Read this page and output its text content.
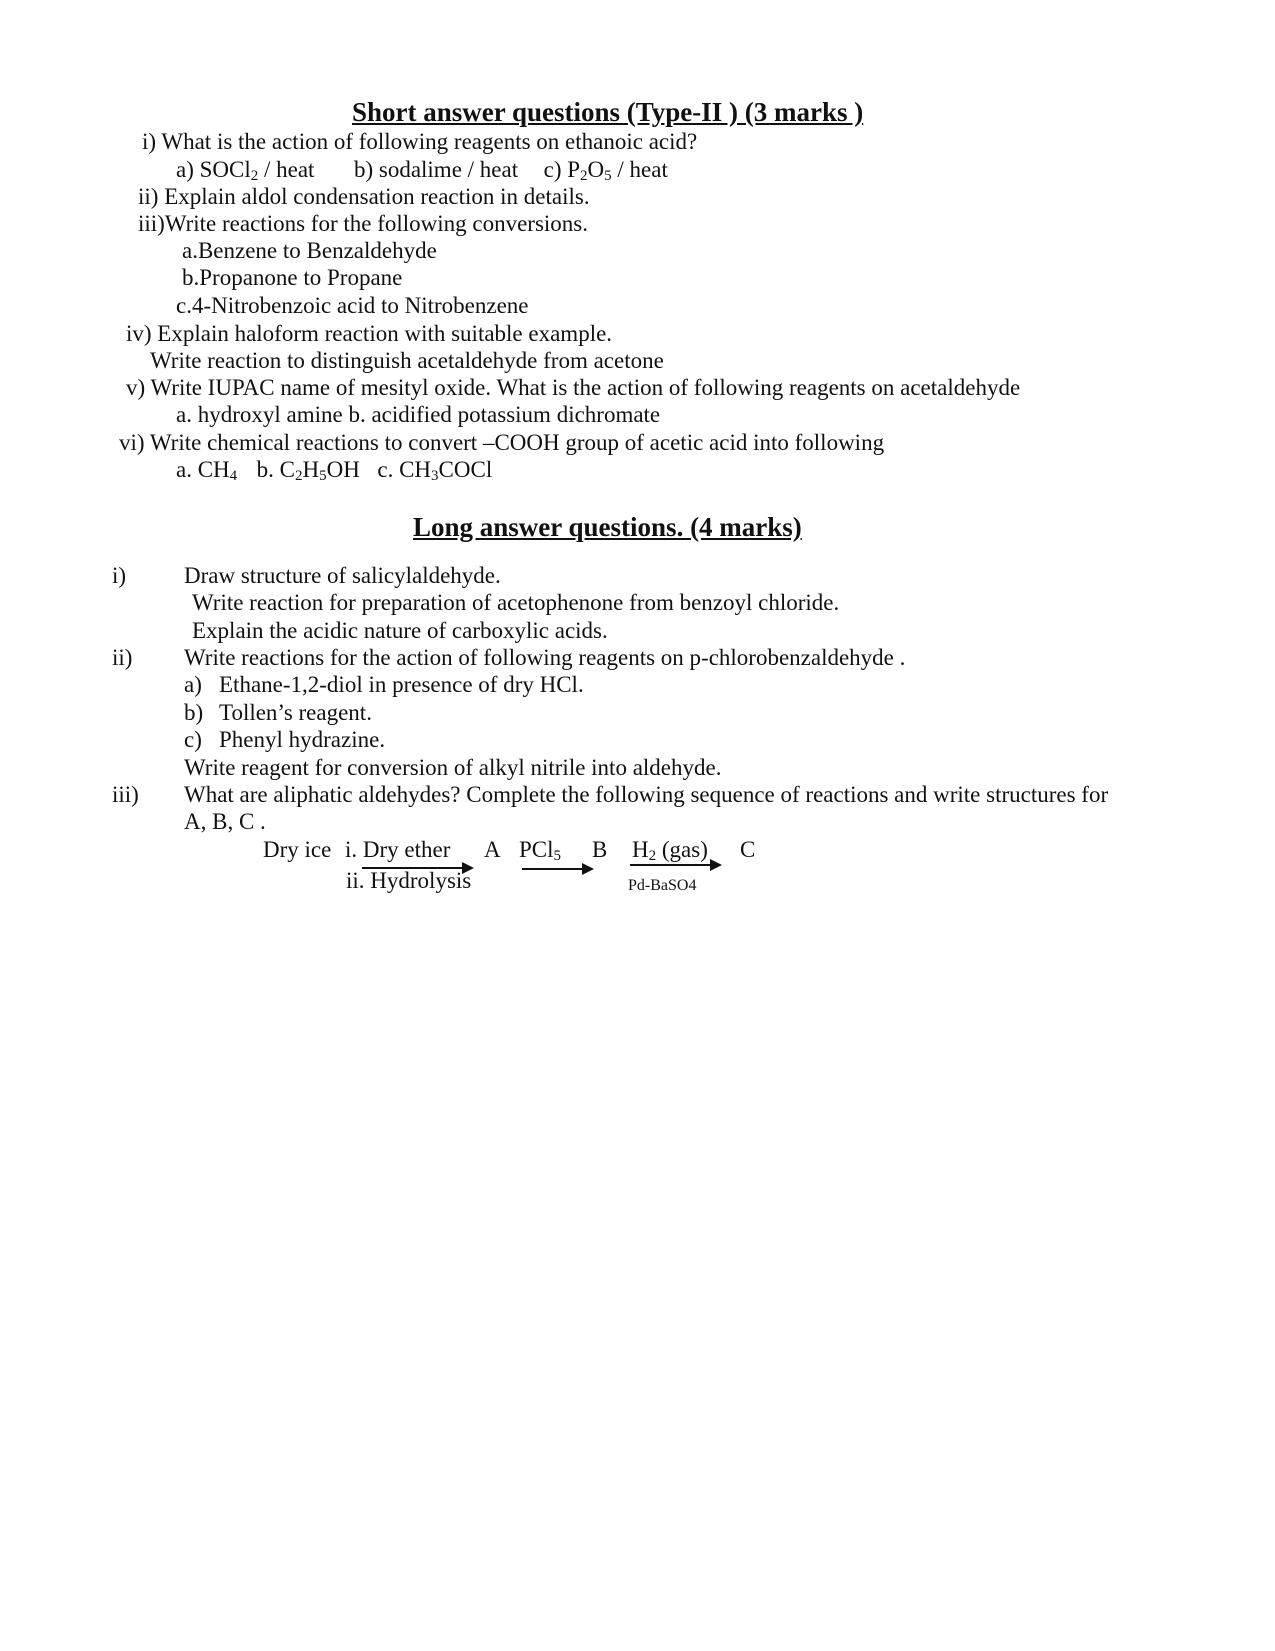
Short answer questions (Type-II ) (3 marks )
i) What is the action of following reagents on ethanoic acid?
a) SOCl$_2$ / heat b) sodalime / heat c) $P_2O_5$ / heat
ii) Explain aldol condensation reaction in details.
iii)Write reactions for the following conversions.
a.Benzene to Benzaldehyde
b.Propanone to Propane
c.4-Nitrobenzoic acid to Nitrobenzene
iv) Explain haloform reaction with suitable example.
Write reaction to distinguish acetaldehyde from acetone
v) Write IUPAC name of mesityl oxide. What is the action of following reagents on acetaldehyde
a. hydroxyl amine b. acidified potassium dichromate
vi) Write chemical reactions to convert –COOH group of acetic acid into following
a. $CH_4$ b. $C_2H_5OH$ c. $CH_3COCl$
Long answer questions. (4 marks)
i)	Draw structure of salicylaldehyde.
Write reaction for preparation of acetophenone from benzoyl chloride.
Explain the acidic nature of carboxylic acids.
ii) Write reactions for the action of following reagents on p-chlorobenzaldehyde .
a) Ethane-1,2-diol in presence of dry HCl.
b) Tollen’s reagent.
c) Phenyl hydrazine.
Write reagent for conversion of alkyl nitrile into aldehyde.
iii) What are aliphatic aldehydes? Complete the following sequence of reactions and write structures for
A, B, C .
Dry ice i. Dry ether
ii. Hydrolysis
A PCl$_5$ B $H_2$ (gas)
Pd-BaSO4
C
